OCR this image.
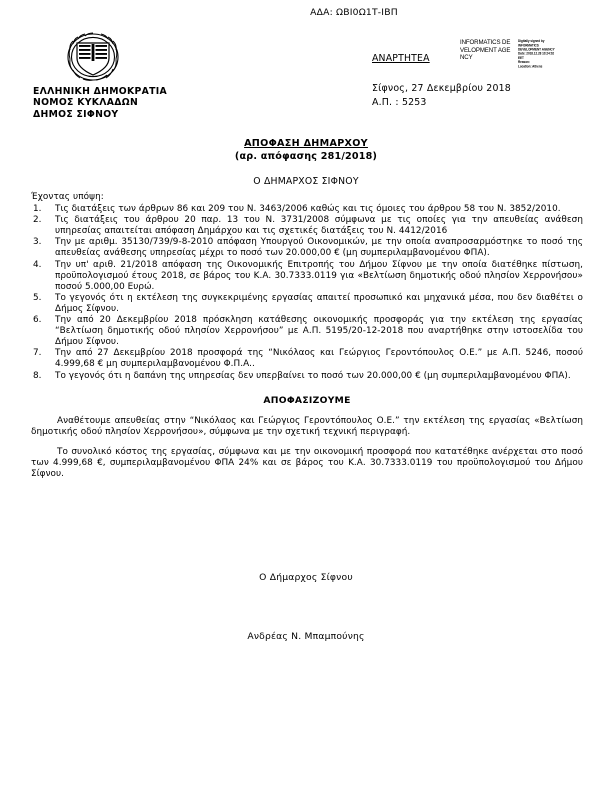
ΑΔΑ: ΩΒΙ0Ω1Τ-ΙΒΠ
ΕΛΛΗΝΙΚΗ ΔΗΜΟΚΡΑΤΙΑ
ΝΟΜΟΣ ΚΥΚΛΑΔΩΝ
ΔΗΜΟΣ ΣΙΦΝΟΥ
ΑΝΑΡΤΗΤΕΑ
INFORMATICS DEVELOPMENT AGENCY
Digitally signed by
INFORMATICS
DEVELOPMENT AGENCY
Date: 2018.12.28 10:24:02
EET
Reason:
Location: Athens
Σίφνος, 27 Δεκεμβρίου 2018
Α.Π. : 5253
ΑΠΟΦΑΣΗ ΔΗΜΑΡΧΟΥ
(αρ. απόφασης 281/2018)
Ο ΔΗΜΑΡΧΟΣ ΣΙΦΝΟΥ

Έχοντας υπόψη:

1.	Τις διατάξεις των άρθρων 86 και 209 του Ν. 3463/2006 καθώς και τις όμοιες του άρθρου 58 του Ν. 3852/2010.
2.	Τις διατάξεις του άρθρου 20 παρ. 13 του Ν. 3731/2008 σύμφωνα με τις οποίες για την απευθείας ανάθεση υπηρεσίας απαιτείται απόφαση Δημάρχου και τις σχετικές διατάξεις του Ν. 4412/2016
3.	Την με αριθμ. 35130/739/9-8-2010 απόφαση Υπουργού Οικονομικών, με την οποία αναπροσαρμόστηκε το ποσό της απευθείας ανάθεσης υπηρεσίας μέχρι το ποσό των 20.000,00 € (μη συμπεριλαμβανομένου ΦΠΑ).
4.	Την υπ' αριθ. 21/2018 απόφαση της Οικονομικής Επιτροπής του Δήμου Σίφνου με την οποία διατέθηκε πίστωση, προϋπολογισμού έτους 2018, σε βάρος του Κ.Α. 30.7333.0119 για «Βελτίωση δημοτικής οδού πλησίον Χερρονήσου» ποσού 5.000,00 Ευρώ.
5.	Το γεγονός ότι η εκτέλεση της συγκεκριμένης εργασίας απαιτεί προσωπικό και μηχανικά μέσα, που δεν διαθέτει ο Δήμος Σίφνου.
6.	Την από 20 Δεκεμβρίου 2018 πρόσκληση κατάθεσης οικονομικής προσφοράς για την εκτέλεση της εργασίας “Βελτίωση δημοτικής οδού πλησίον Χερρονήσου” με Α.Π. 5195/20-12-2018 που αναρτήθηκε στην ιστοσελίδα του Δήμου Σίφνου.
7.	Την από 27 Δεκεμβρίου 2018 προσφορά της “Νικόλαος και Γεώργιος Γεροντόπουλος Ο.Ε.” με Α.Π. 5246, ποσού 4.999,68 € μη συμπεριλαμβανομένου Φ.Π.Α..
8.	Το γεγονός ότι η δαπάνη της υπηρεσίας δεν υπερβαίνει το ποσό των 20.000,00 € (μη συμπεριλαμβανομένου ΦΠΑ).
ΑΠΟΦΑΣΙΖΟΥΜΕ

Αναθέτουμε απευθείας στην “Νικόλαος και Γεώργιος Γεροντόπουλος Ο.Ε.” την εκτέλεση της εργασίας «Βελτίωση δημοτικής οδού πλησίον Χερρονήσου», σύμφωνα με την σχετική τεχνική περιγραφή.

Το συνολικό κόστος της εργασίας, σύμφωνα και με την οικονομική προσφορά που κατατέθηκε ανέρχεται στο ποσό των 4.999,68 €, συμπεριλαμβανομένου ΦΠΑ 24% και σε βάρος του Κ.Α. 30.7333.0119 του προϋπολογισμού του Δήμου Σίφνου.

Ο Δήμαρχος Σίφνου
Ανδρέας Ν. Μπαμπούνης
